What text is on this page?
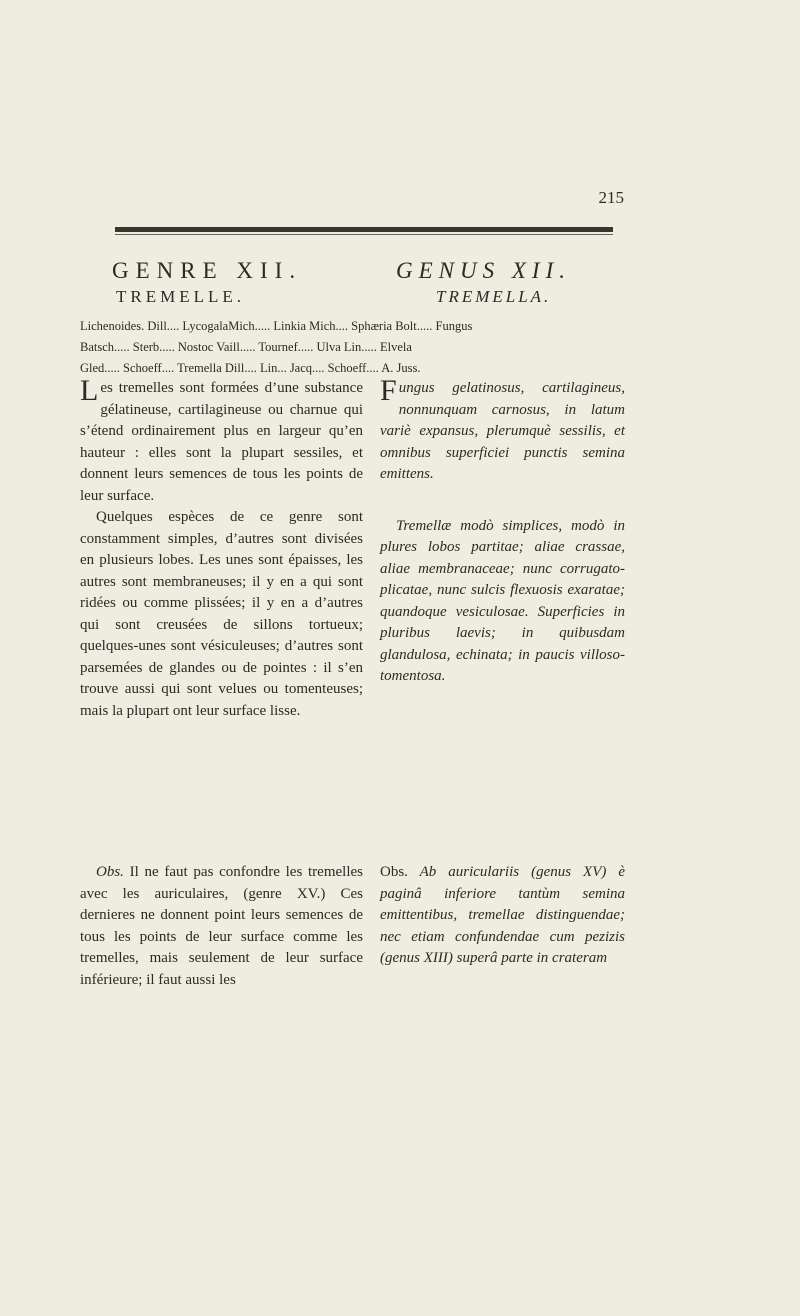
215
GENRE XII.	GENUS XII.
TREMELLE.	TREMELLA.
Lichenoides. Dill.... LycogalaMich..... Linkia Mich.... Sphæria Bolt..... Fungus
Batsch..... Sterb..... Nostoc Vaill..... Tournef..... Ulva Lin..... Elvela
Gled..... Schoeff.... Tremella Dill.... Lin... Jacq.... Schoeff.... A. Juss.

Les tremelles sont formées d’une substance gélatineuse, cartilagineuse ou charnue qui s’étend ordinairement plus en largeur qu’en hauteur : elles sont la plupart sessiles, et donnent leurs semences de tous les points de leur surface.

Quelques espèces de ce genre sont constamment simples, d’autres sont divisées en plusieurs lobes. Les unes sont épaisses, les autres sont membraneuses; il y en a qui sont ridées ou comme plissées; il y en a d’autres qui sont creusées de sillons tortueux; quelques-unes sont vésiculeuses; d’autres sont parsemées de glandes ou de pointes : il s’en trouve aussi qui sont velues ou tomenteuses; mais la plupart ont leur surface lisse.

Obs. Il ne faut pas confondre les tremelles avec les auriculaires, (genre XV.) Ces dernieres ne donnent point leurs semences de tous les points de leur surface comme les tremelles, mais seulement de leur surface inférieure; il faut aussi les

Fungus gelatinosus, cartilagineus, nonnunquam carnosus, in latum variè expansus, plerumquè sessilis, et omnibus superficiei punctis semina emittens.

Tremellæ modò simplices, modò in plures lobos partitae; aliae crassae, aliae membranaceae; nunc corrugato-plicatae, nunc sulcis flexuosis exaratae; quandoque vesiculosae. Superficies in pluribus laevis; in quibusdam glandulosa, echinata; in paucis villoso-tomentosa.

Obs. Ab auriculariis (genus XV) è paginâ inferiore tantùm semina emittentibus, tremellae distinguendae; nec etiam confundendae cum pezizis (genus XIII) superâ parte in crateram
